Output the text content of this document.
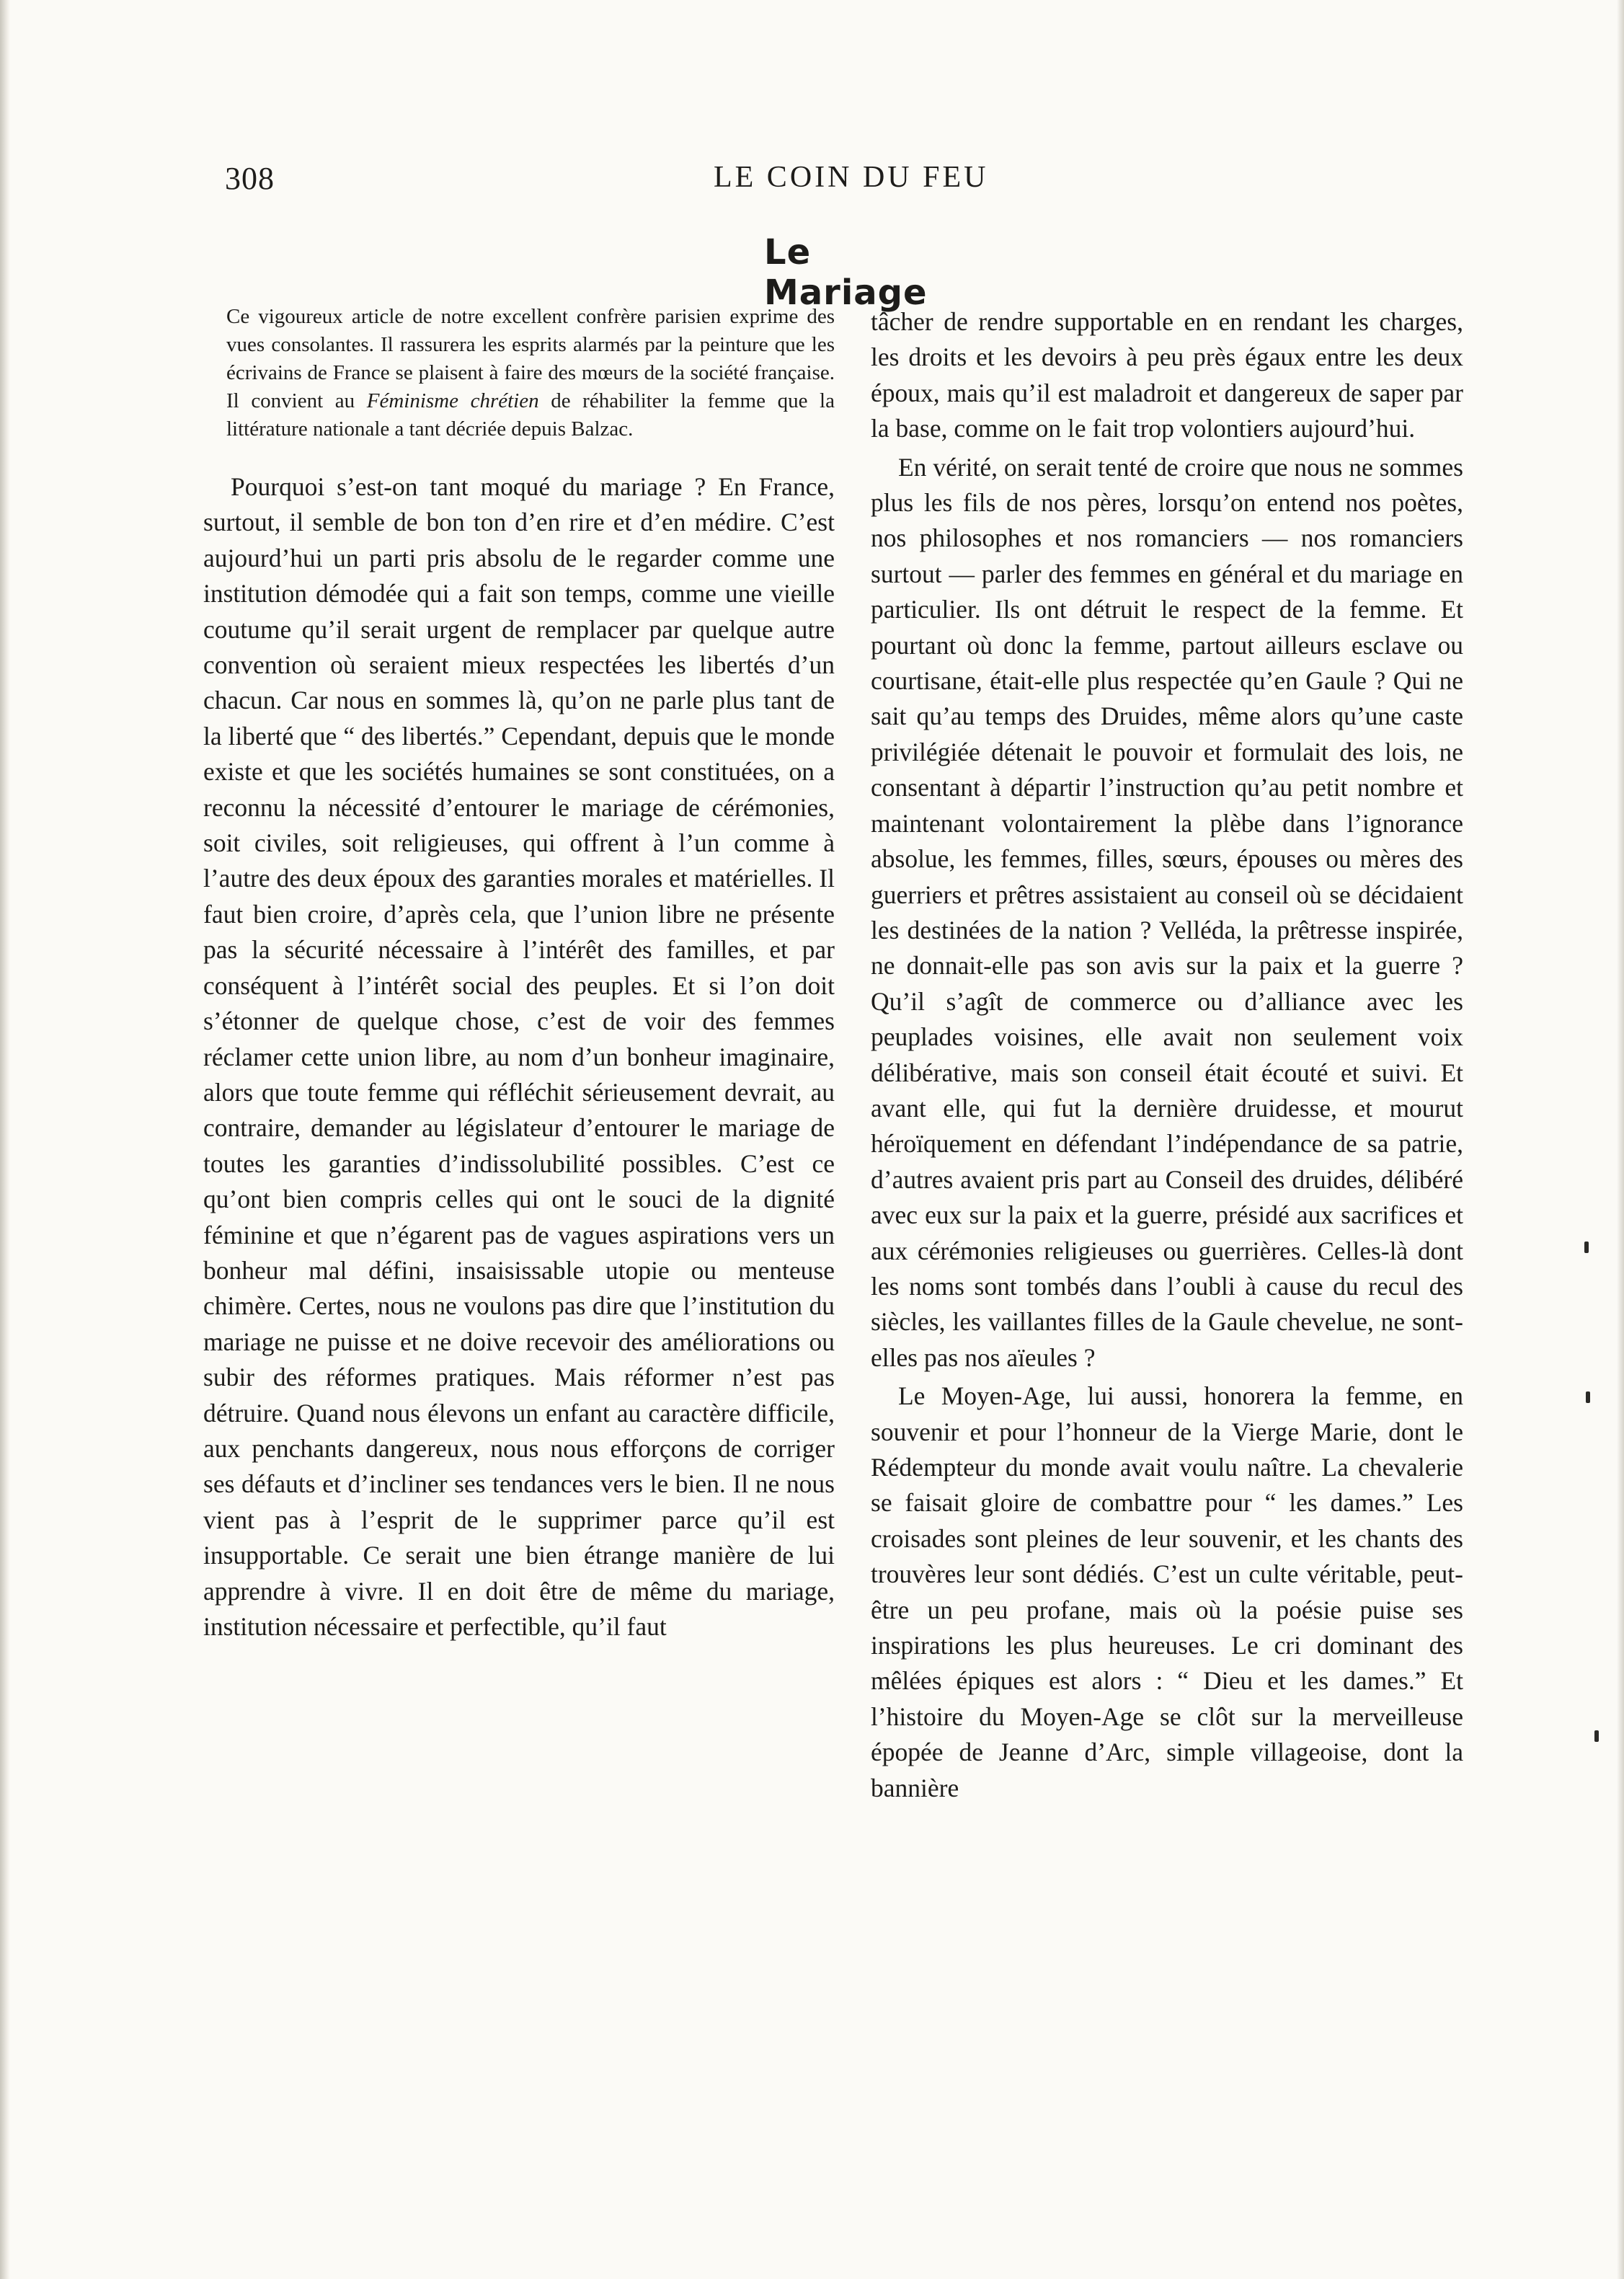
308	LE COIN DU FEU
Le Mariage

Ce vigoureux article de notre excellent confrère parisien exprime des vues consolantes. Il rassurera les esprits alarmés par la peinture que les écrivains de France se plaisent à faire des mœurs de la société française. Il convient au Féminisme chrétien de réhabiliter la femme que la littérature nationale a tant décriée depuis Balzac.

Pourquoi s’est-on tant moqué du mariage ? En France, surtout, il semble de bon ton d’en rire et d’en médire. C’est aujourd’hui un parti pris absolu de le regarder comme une institution démodée qui a fait son temps, comme une vieille coutume qu’il serait urgent de remplacer par quelque autre convention où seraient mieux respectées les libertés d’un chacun. Car nous en sommes là, qu’on ne parle plus tant de la liberté que “ des libertés.” Cependant, depuis que le monde existe et que les sociétés humaines se sont constituées, on a reconnu la nécessité d’entourer le mariage de cérémonies, soit civiles, soit religieuses, qui offrent à l’un comme à l’autre des deux époux des garanties morales et matérielles. Il faut bien croire, d’après cela, que l’union libre ne présente pas la sécurité nécessaire à l’intérêt des familles, et par conséquent à l’intérêt social des peuples. Et si l’on doit s’étonner de quelque chose, c’est de voir des femmes réclamer cette union libre, au nom d’un bonheur imaginaire, alors que toute femme qui réfléchit sérieusement devrait, au contraire, demander au législateur d’entourer le mariage de toutes les garanties d’indissolubilité possibles. C’est ce qu’ont bien compris celles qui ont le souci de la dignité féminine et que n’égarent pas de vagues aspirations vers un bonheur mal défini, insaisissable utopie ou menteuse chimère. Certes, nous ne voulons pas dire que l’institution du mariage ne puisse et ne doive recevoir des améliorations ou subir des réformes pratiques. Mais réformer n’est pas détruire. Quand nous élevons un enfant au caractère difficile, aux penchants dangereux, nous nous efforçons de corriger ses défauts et d’incliner ses tendances vers le bien. Il ne nous vient pas à l’esprit de le supprimer parce qu’il est insupportable. Ce serait une bien étrange manière de lui apprendre à vivre. Il en doit être de même du mariage, institution nécessaire et perfectible, qu’il faut

tâcher de rendre supportable en en rendant les charges, les droits et les devoirs à peu près égaux entre les deux époux, mais qu’il est maladroit et dangereux de saper par la base, comme on le fait trop volontiers aujourd’hui.

En vérité, on serait tenté de croire que nous ne sommes plus les fils de nos pères, lorsqu’on entend nos poètes, nos philosophes et nos romanciers — nos romanciers surtout — parler des femmes en général et du mariage en particulier. Ils ont détruit le respect de la femme. Et pourtant où donc la femme, partout ailleurs esclave ou courtisane, était-elle plus respectée qu’en Gaule ? Qui ne sait qu’au temps des Druides, même alors qu’une caste privilégiée détenait le pouvoir et formulait des lois, ne consentant à départir l’instruction qu’au petit nombre et maintenant volontairement la plèbe dans l’ignorance absolue, les femmes, filles, sœurs, épouses ou mères des guerriers et prêtres assistaient au conseil où se décidaient les destinées de la nation ? Velléda, la prêtresse inspirée, ne donnait-elle pas son avis sur la paix et la guerre ? Qu’il s’agît de commerce ou d’alliance avec les peuplades voisines, elle avait non seulement voix délibérative, mais son conseil était écouté et suivi. Et avant elle, qui fut la dernière druidesse, et mourut héroïquement en défendant l’indépendance de sa patrie, d’autres avaient pris part au Conseil des druides, délibéré avec eux sur la paix et la guerre, présidé aux sacrifices et aux cérémonies religieuses ou guerrières. Celles-là dont les noms sont tombés dans l’oubli à cause du recul des siècles, les vaillantes filles de la Gaule chevelue, ne sont-elles pas nos aïeules ?

Le Moyen-Age, lui aussi, honorera la femme, en souvenir et pour l’honneur de la Vierge Marie, dont le Rédempteur du monde avait voulu naître. La chevalerie se faisait gloire de combattre pour “ les dames.” Les croisades sont pleines de leur souvenir, et les chants des trouvères leur sont dédiés. C’est un culte véritable, peut-être un peu profane, mais où la poésie puise ses inspirations les plus heureuses. Le cri dominant des mêlées épiques est alors : “ Dieu et les dames.” Et l’histoire du Moyen-Age se clôt sur la merveilleuse épopée de Jeanne d’Arc, simple villageoise, dont la bannière
